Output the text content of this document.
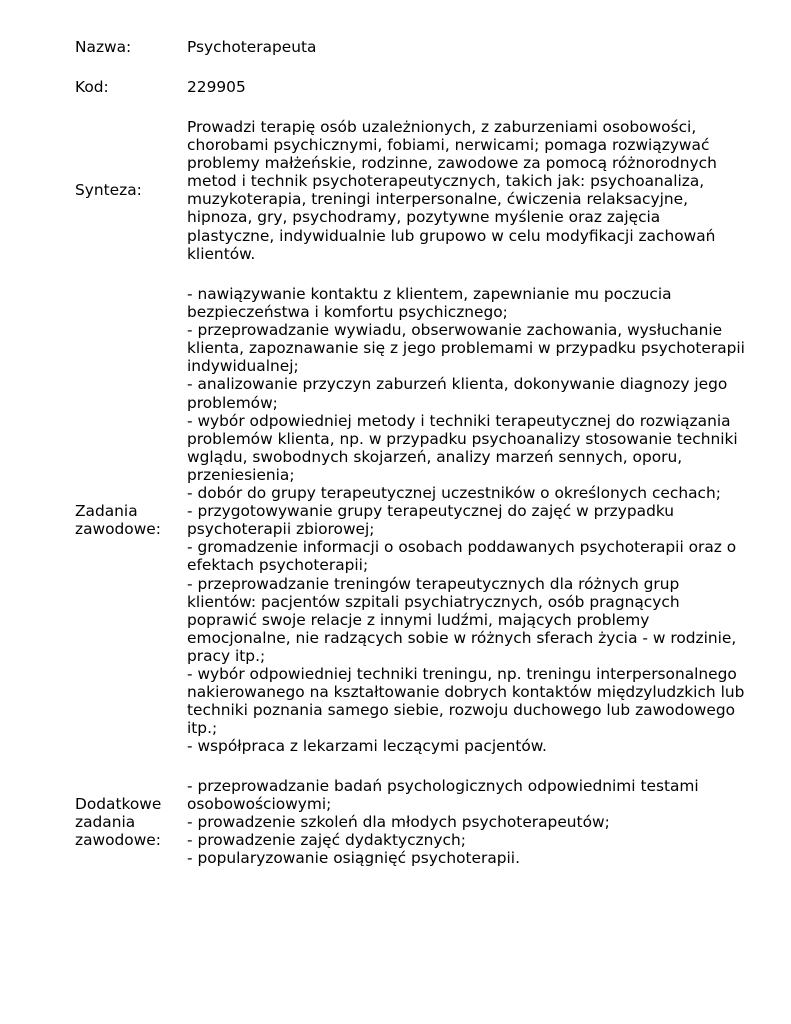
Nazwa:	Psychoterapeuta
Kod:	229905
Synteza:
Prowadzi terapię osób uzależnionych, z zaburzeniami osobowości,
chorobami psychicznymi, fobiami, nerwicami; pomaga rozwiązywać
problemy małżeńskie, rodzinne, zawodowe za pomocą różnorodnych
metod i technik psychoterapeutycznych, takich jak: psychoanaliza,
muzykoterapia, treningi interpersonalne, ćwiczenia relaksacyjne,
hipnoza, gry, psychodramy, pozytywne myślenie oraz zajęcia
plastyczne, indywidualnie lub grupowo w celu modyfikacji zachowań
klientów.
Zadania
zawodowe:
- nawiązywanie kontaktu z klientem, zapewnianie mu poczucia
bezpieczeństwa i komfortu psychicznego;
- przeprowadzanie wywiadu, obserwowanie zachowania, wysłuchanie
klienta, zapoznawanie się z jego problemami w przypadku psychoterapii
indywidualnej;
- analizowanie przyczyn zaburzeń klienta, dokonywanie diagnozy jego
problemów;
- wybór odpowiedniej metody i techniki terapeutycznej do rozwiązania
problemów klienta, np. w przypadku psychoanalizy stosowanie techniki
wglądu, swobodnych skojarzeń, analizy marzeń sennych, oporu,
przeniesienia;
- dobór do grupy terapeutycznej uczestników o określonych cechach;
- przygotowywanie grupy terapeutycznej do zajęć w przypadku
psychoterapii zbiorowej;
- gromadzenie informacji o osobach poddawanych psychoterapii oraz o
efektach psychoterapii;
- przeprowadzanie treningów terapeutycznych dla różnych grup
klientów: pacjentów szpitali psychiatrycznych, osób pragnących
poprawić swoje relacje z innymi ludźmi, mających problemy
emocjonalne, nie radzących sobie w różnych sferach życia - w rodzinie,
pracy itp.;
- wybór odpowiedniej techniki treningu, np. treningu interpersonalnego
nakierowanego na kształtowanie dobrych kontaktów międzyludzkich lub
techniki poznania samego siebie, rozwoju duchowego lub zawodowego
itp.;
- współpraca z lekarzami leczącymi pacjentów.
Dodatkowe
zadania
zawodowe:
- przeprowadzanie badań psychologicznych odpowiednimi testami
osobowościowymi;
- prowadzenie szkoleń dla młodych psychoterapeutów;
- prowadzenie zajęć dydaktycznych;
- popularyzowanie osiągnięć psychoterapii.
